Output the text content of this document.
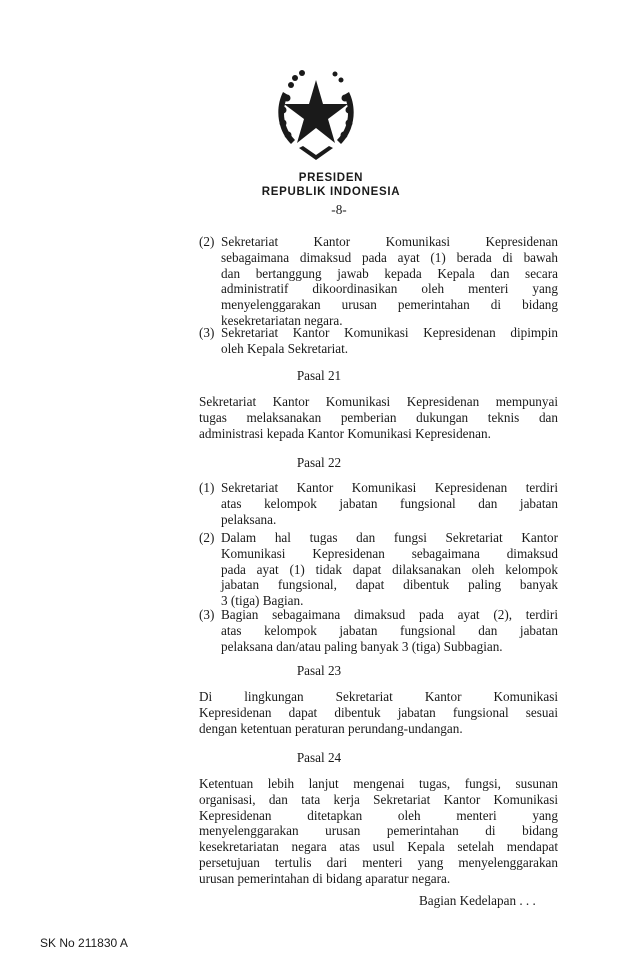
PRESIDEN
REPUBLIK INDONESIA
-8-
(2) Sekretariat Kantor Komunikasi Kepresidenan
sebagaimana dimaksud pada ayat (1) berada di bawah
dan bertanggung jawab kepada Kepala dan secara
administratif dikoordinasikan oleh menteri yang
menyelenggarakan urusan pemerintahan di bidang
kesekretariatan negara.
(3) Sekretariat Kantor Komunikasi Kepresidenan dipimpin
oleh Kepala Sekretariat.
Pasal 21
Sekretariat Kantor Komunikasi Kepresidenan mempunyai
tugas melaksanakan pemberian dukungan teknis dan
administrasi kepada Kantor Komunikasi Kepresidenan.
Pasal 22
(1) Sekretariat Kantor Komunikasi Kepresidenan terdiri
atas kelompok jabatan fungsional dan jabatan
pelaksana.
(2) Dalam hal tugas dan fungsi Sekretariat Kantor
Komunikasi Kepresidenan sebagaimana dimaksud
pada ayat (1) tidak dapat dilaksanakan oleh kelompok
jabatan fungsional, dapat dibentuk paling banyak
3 (tiga) Bagian.
(3) Bagian sebagaimana dimaksud pada ayat (2), terdiri
atas kelompok jabatan fungsional dan jabatan
pelaksana dan/atau paling banyak 3 (tiga) Subbagian.
Pasal 23
Di lingkungan Sekretariat Kantor Komunikasi
Kepresidenan dapat dibentuk jabatan fungsional sesuai
dengan ketentuan peraturan perundang-undangan.
Pasal 24
Ketentuan lebih lanjut mengenai tugas, fungsi, susunan
organisasi, dan tata kerja Sekretariat Kantor Komunikasi
Kepresidenan ditetapkan oleh menteri yang
menyelenggarakan urusan pemerintahan di bidang
kesekretariatan negara atas usul Kepala setelah mendapat
persetujuan tertulis dari menteri yang menyelenggarakan
urusan pemerintahan di bidang aparatur negara.
Bagian Kedelapan . . .
SK No 211830 A
